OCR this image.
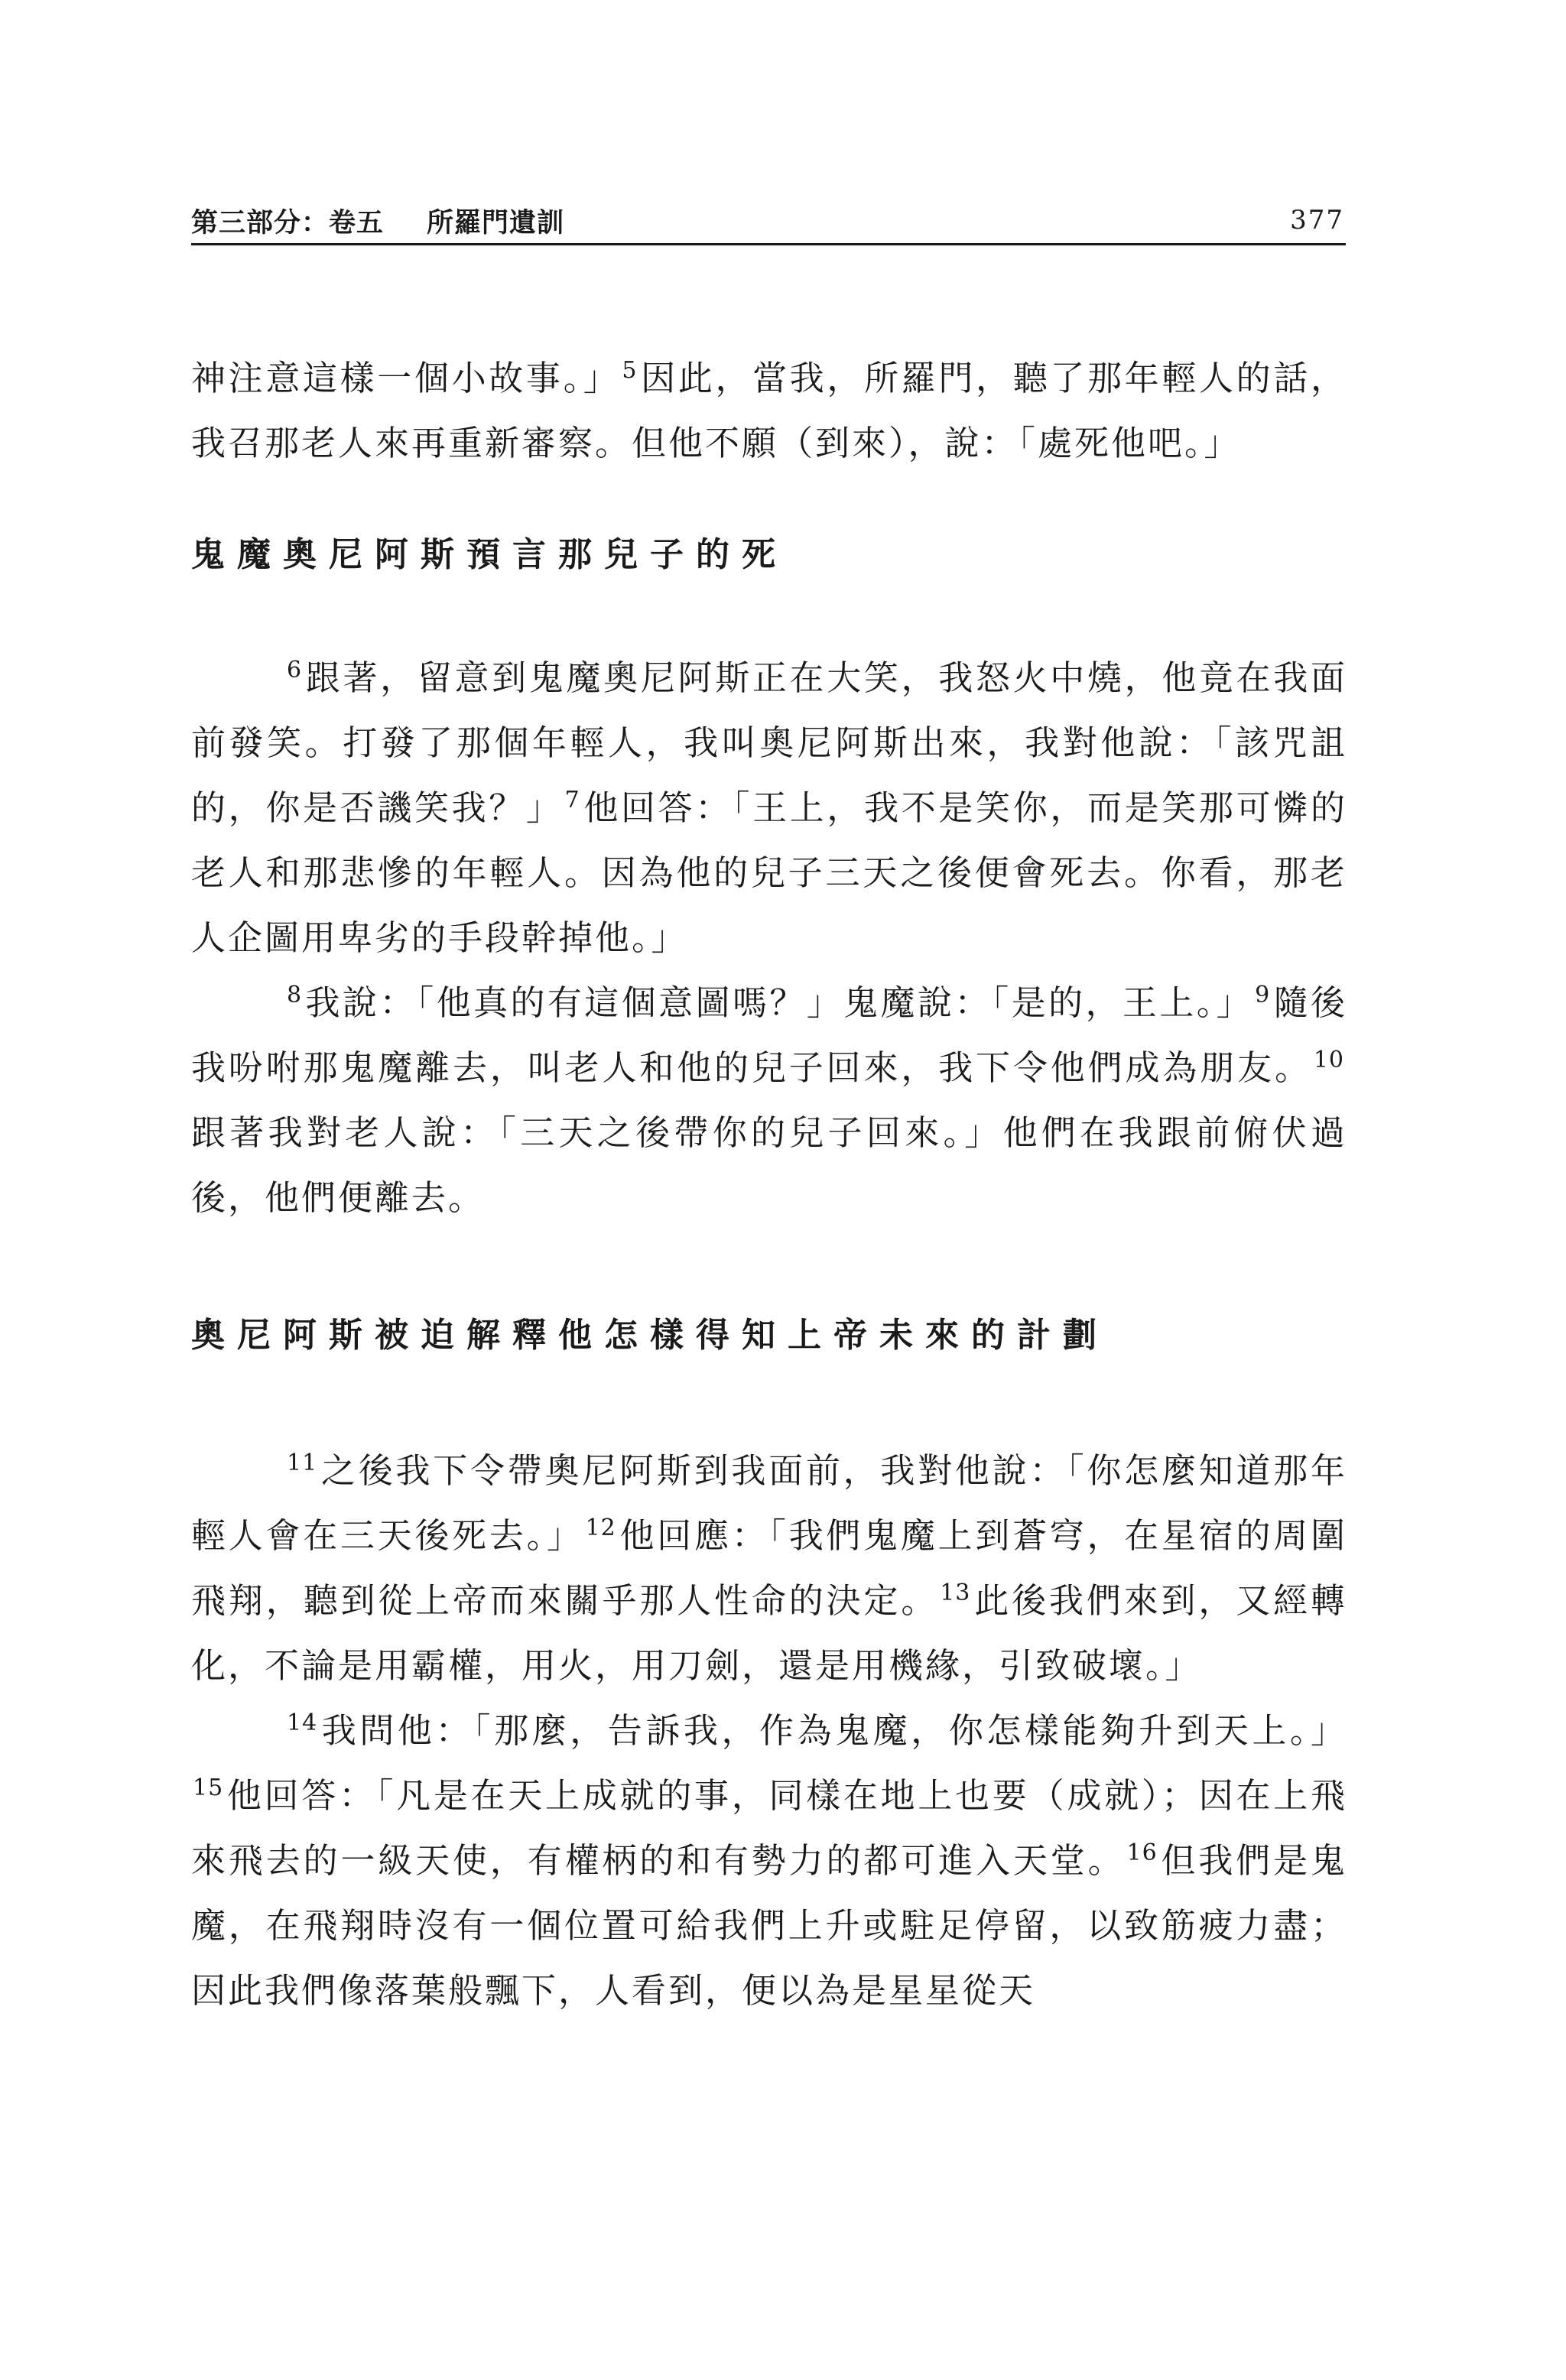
第三部分：卷五 所羅門遺訓	377

神注意這樣一個小故事。」$^5$因此，當我，所羅門，聽了那年輕人的話，我召那老人來再重新審察。但他不願（到來），說：「處死他吧。」

鬼魔奧尼阿斯預言那兒子的死

$^6$跟著，留意到鬼魔奧尼阿斯正在大笑，我怒火中燒，他竟在我面前發笑。打發了那個年輕人，我叫奧尼阿斯出來，我對他說：「該咒詛的，你是否譏笑我？」$^7$他回答：「王上，我不是笑你，而是笑那可憐的老人和那悲慘的年輕人。因為他的兒子三天之後便會死去。你看，那老人企圖用卑劣的手段幹掉他。」

$^8$我說：「他真的有這個意圖嗎？」鬼魔說：「是的，王上。」$^9$隨後我吩咐那鬼魔離去，叫老人和他的兒子回來，我下令他們成為朋友。$^{10}$跟著我對老人說：「三天之後帶你的兒子回來。」他們在我跟前俯伏過後，他們便離去。

奧尼阿斯被迫解釋他怎樣得知上帝未來的計劃

$^{11}$之後我下令帶奧尼阿斯到我面前，我對他說：「你怎麼知道那年輕人會在三天後死去。」$^{12}$他回應：「我們鬼魔上到蒼穹，在星宿的周圍飛翔，聽到從上帝而來關乎那人性命的決定。$^{13}$此後我們來到，又經轉化，不論是用霸權，用火，用刀劍，還是用機緣，引致破壞。」

$^{14}$我問他：「那麼，告訴我，作為鬼魔，你怎樣能夠升到天上。」$^{15}$他回答：「凡是在天上成就的事，同樣在地上也要（成就）；因在上飛來飛去的一級天使，有權柄的和有勢力的都可進入天堂。$^{16}$但我們是鬼魔，在飛翔時沒有一個位置可給我們上升或駐足停留，以致筋疲力盡；因此我們像落葉般飄下，人看到，便以為是星星從天
